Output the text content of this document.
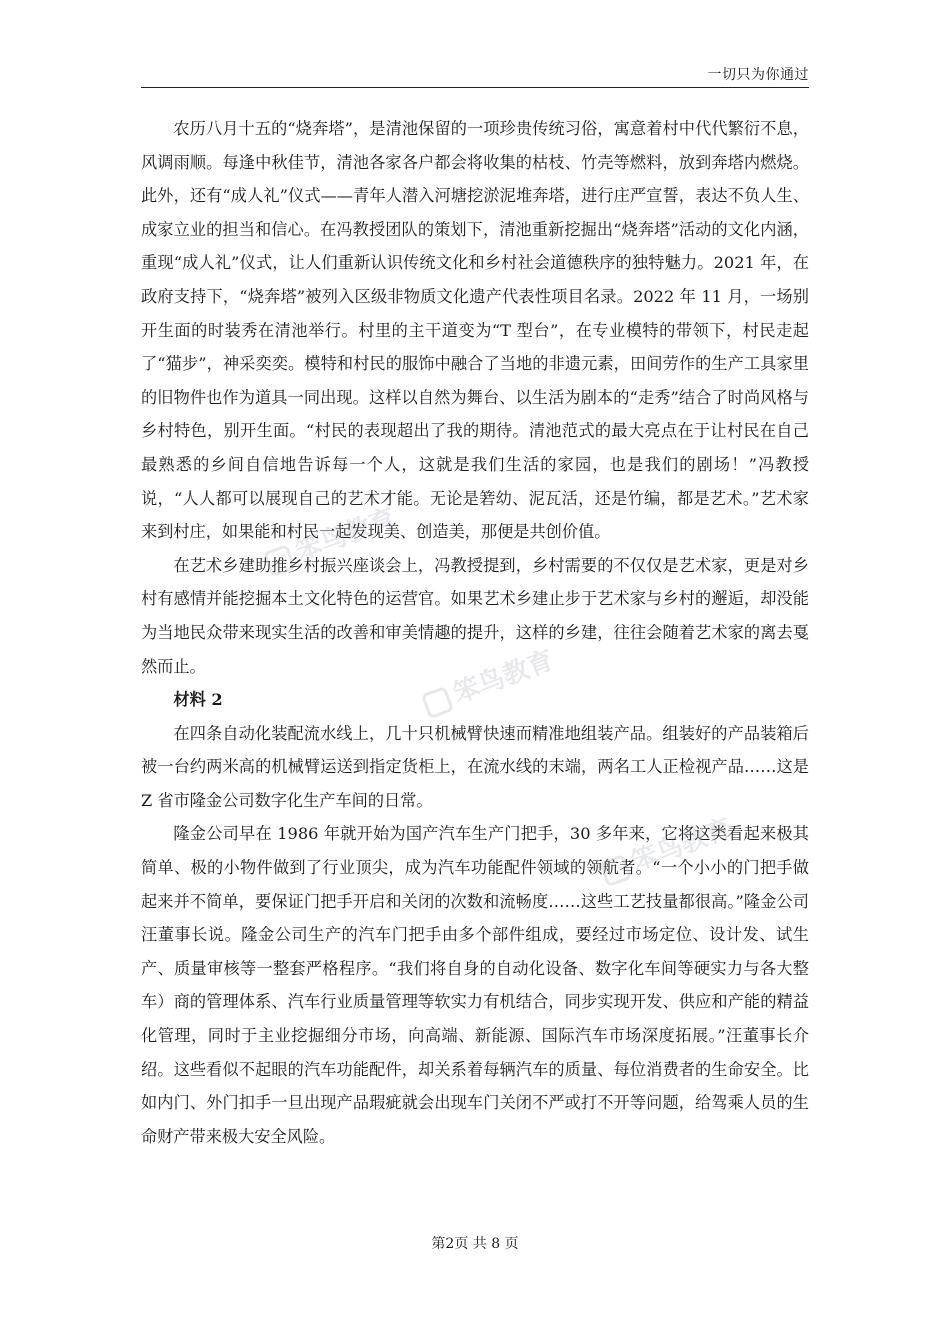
一切只为你通过

农历八月十五的“烧奔塔”，是清池保留的一项珍贵传统习俗，寓意着村中代代繁衍不息，风调雨顺。每逢中秋佳节，清池各家各户都会将收集的枯枝、竹壳等燃料，放到奔塔内燃烧。此外，还有“成人礼”仪式——青年人潜入河塘挖淤泥堆奔塔，进行庄严宣誓，表达不负人生、成家立业的担当和信心。在冯教授团队的策划下，清池重新挖掘出“烧奔塔”活动的文化内涵，重现“成人礼”仪式，让人们重新认识传统文化和乡村社会道德秩序的独特魅力。2021 年，在政府支持下，“烧奔塔”被列入区级非物质文化遗产代表性项目名录。2022 年 11 月，一场别开生面的时装秀在清池举行。村里的主干道变为“T 型台”，在专业模特的带领下，村民走起了“猫步”，神采奕奕。模特和村民的服饰中融合了当地的非遗元素，田间劳作的生产工具家里的旧物件也作为道具一同出现。这样以自然为舞台、以生活为剧本的“走秀”结合了时尚风格与乡村特色，别开生面。“村民的表现超出了我的期待。清池范式的最大亮点在于让村民在自己最熟悉的乡间自信地告诉每一个人，这就是我们生活的家园，也是我们的剧场！”冯教授说，“人人都可以展现自己的艺术才能。无论是箬幼、泥瓦活，还是竹编，都是艺术。”艺术家来到村庄，如果能和村民一起发现美、创造美，那便是共创价值。

在艺术乡建助推乡村振兴座谈会上，冯教授提到，乡村需要的不仅仅是艺术家，更是对乡村有感情并能挖掘本土文化特色的运营官。如果艺术乡建止步于艺术家与乡村的邂逅，却没能为当地民众带来现实生活的改善和审美情趣的提升，这样的乡建，往往会随着艺术家的离去戛然而止。

材料 2

在四条自动化装配流水线上，几十只机械臂快速而精准地组装产品。组装好的产品装箱后被一台约两米高的机械臂运送到指定货柜上，在流水线的末端，两名工人正检视产品……这是 Z 省市隆金公司数字化生产车间的日常。

隆金公司早在 1986 年就开始为国产汽车生产门把手，30 多年来，它将这类看起来极其简单、极的小物件做到了行业顶尖，成为汽车功能配件领域的领航者。“一个小小的门把手做起来并不简单，要保证门把手开启和关闭的次数和流畅度……这些工艺技量都很高。”隆金公司汪董事长说。隆金公司生产的汽车门把手由多个部件组成，要经过市场定位、设计发、试生产、质量审核等一整套严格程序。“我们将自身的自动化设备、数字化车间等硬实力与各大整车）商的管理体系、汽车行业质量管理等软实力有机结合，同步实现开发、供应和产能的精益化管理，同时于主业挖掘细分市场，向高端、新能源、国际汽车市场深度拓展。”汪董事长介绍。这些看似不起眼的汽车功能配件，却关系着每辆汽车的质量、每位消费者的生命安全。比如内门、外门扣手一旦出现产品瑕疵就会出现车门关闭不严或打不开等问题，给驾乘人员的生命财产带来极大安全风险。

笨鸟教育
笨鸟教育
笨鸟教育
第2页 共 8 页
